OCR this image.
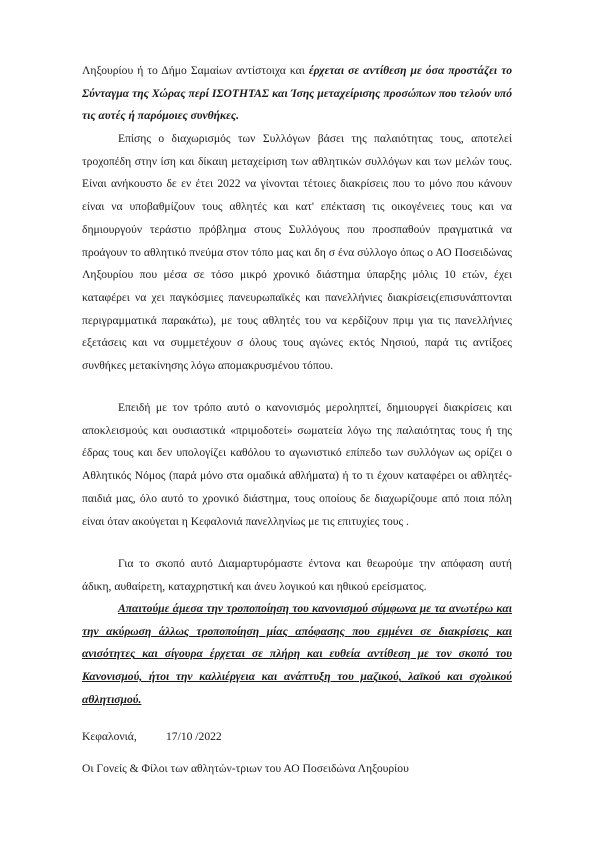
Ληξουρίου ή το Δήμο Σαμαίων αντίστοιχα και έρχεται σε αντίθεση με όσα προστάζει το Σύνταγμα της Χώρας περί ΙΣΟΤΗΤΑΣ και Ίσης μεταχείρισης προσώπων που τελούν υπό τις αυτές ή παρόμοιες συνθήκες.

Επίσης ο διαχωρισμός των Συλλόγων βάσει της παλαιότητας τους, αποτελεί τροχοπέδη στην ίση και δίκαιη μεταχείριση των αθλητικών συλλόγων και των μελών τους. Είναι ανήκουστο δε εν έτει 2022 να γίνονται τέτοιες διακρίσεις που το μόνο που κάνουν είναι να υποβαθμίζουν τους αθλητές και κατ' επέκταση τις οικογένειες τους και να δημιουργούν τεράστιο πρόβλημα στους Συλλόγους που προσπαθούν πραγματικά να προάγουν το αθλητικό πνεύμα στον τόπο μας και δη σ ένα σύλλογο όπως ο ΑΟ Ποσειδώνας Ληξουρίου που μέσα σε τόσο μικρό χρονικό διάστημα ύπαρξης μόλις 10 ετών, έχει καταφέρει να χει παγκόσμιες πανευρωπαϊκές και πανελλήνιες διακρίσεις(επισυνάπτονται περιγραμματικά παρακάτω), με τους αθλητές του να κερδίζουν πριμ για τις πανελλήνιες εξετάσεις και να συμμετέχουν σ όλους τους αγώνες εκτός Νησιού, παρά τις αντίξοες συνθήκες μετακίνησης λόγω απομακρυσμένου τόπου.

Επειδή με τον τρόπο αυτό ο κανονισμός μεροληπτεί, δημιουργεί διακρίσεις και αποκλεισμούς και ουσιαστικά «πριμοδοτεί» σωματεία λόγω της παλαιότητας τους ή της έδρας τους και δεν υπολογίζει καθόλου το αγωνιστικό επίπεδο των συλλόγων ως ορίζει ο Αθλητικός Νόμος (παρά μόνο στα ομαδικά αθλήματα) ή το τι έχουν καταφέρει οι αθλητές-παιδιά μας, όλο αυτό το χρονικό διάστημα, τους οποίους δε διαχωρίζουμε από ποια πόλη είναι όταν ακούγεται η Κεφαλονιά πανελληνίως με τις επιτυχίες τους .

Για το σκοπό αυτό Διαμαρτυρόμαστε έντονα και θεωρούμε την απόφαση αυτή άδικη, αυθαίρετη, καταχρηστική και άνευ λογικού και ηθικού ερείσματος.

Απαιτούμε άμεσα την τροποποίηση του κανονισμού σύμφωνα με τα ανωτέρω και την ακύρωση άλλως τροποποίηση μίας απόφασης που εμμένει σε διακρίσεις και ανισότητες και σίγουρα έρχεται σε πλήρη και ευθεία αντίθεση με τον σκοπό του Κανονισμού, ήτοι την καλλιέργεια και ανάπτυξη του μαζικού, λαϊκού και σχολικού αθλητισμού.

Κεφαλονιά,	17/10 /2022

Οι Γονείς & Φίλοι των αθλητών-τριων του ΑΟ Ποσειδώνα Ληξουρίου
